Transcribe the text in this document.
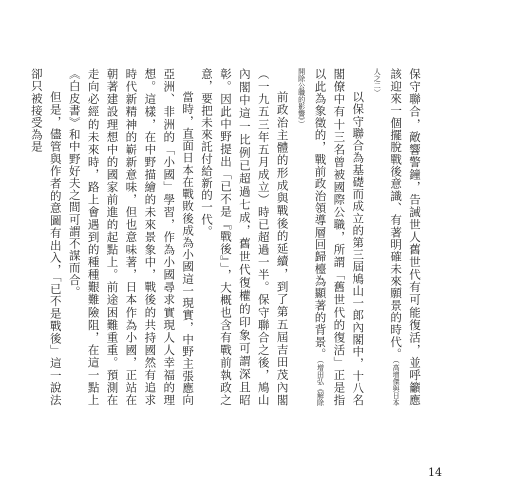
保守聯合，敵響警鐘，告誡世人舊世代有可能復活，並呼籲應該迎來一個擺脫戰後意識、有著明確未來願景的時代。（高增傑與日本人之二）

以保守聯合為基礎而成立的第三屆鳩山一郎內閣中，十八名閣僚中有十三名曾被國際公職，所謂「舊世代的復活」正是指以此為象徵的，戰前政治領導層回歸檯為顯著的背景。（增田弘《解除開除公職的影響》）

前政治主體的形成與戰後的延續，到了第五屆吉田茂內閣（一九五三年五月成立）時已超過一半。保守聯合之後，鳩山內閣中這一比例已超過七成，舊世代復權的印象可謂深且昭彰。因此中野提出「已不是『戰後』」，大概也含有戰前執政之意，要把未來託付給新的一代。

當時，直面日本在戰敗後成為小國這一現實，中野主張應向亞洲、非洲的「小國」學習，作為小國尋求實現人人幸福的理想。這樣，在中野描繪的未來景象中，戰後的共持國然有追求時代新精神的嶄新意味，但也意味著，日本作為小國，正站在朝著建設理想中的國家前進的起點上。前途困難重重。預測在走向必經的未來時，路上會遇到的種種艱難險阻，在這一點上《白皮書》和中野好夫之間可謂不謀而合。

但是，儘管與作者的意圖有出入，「已不是戰後」這一說法卻只被接受為是

14
